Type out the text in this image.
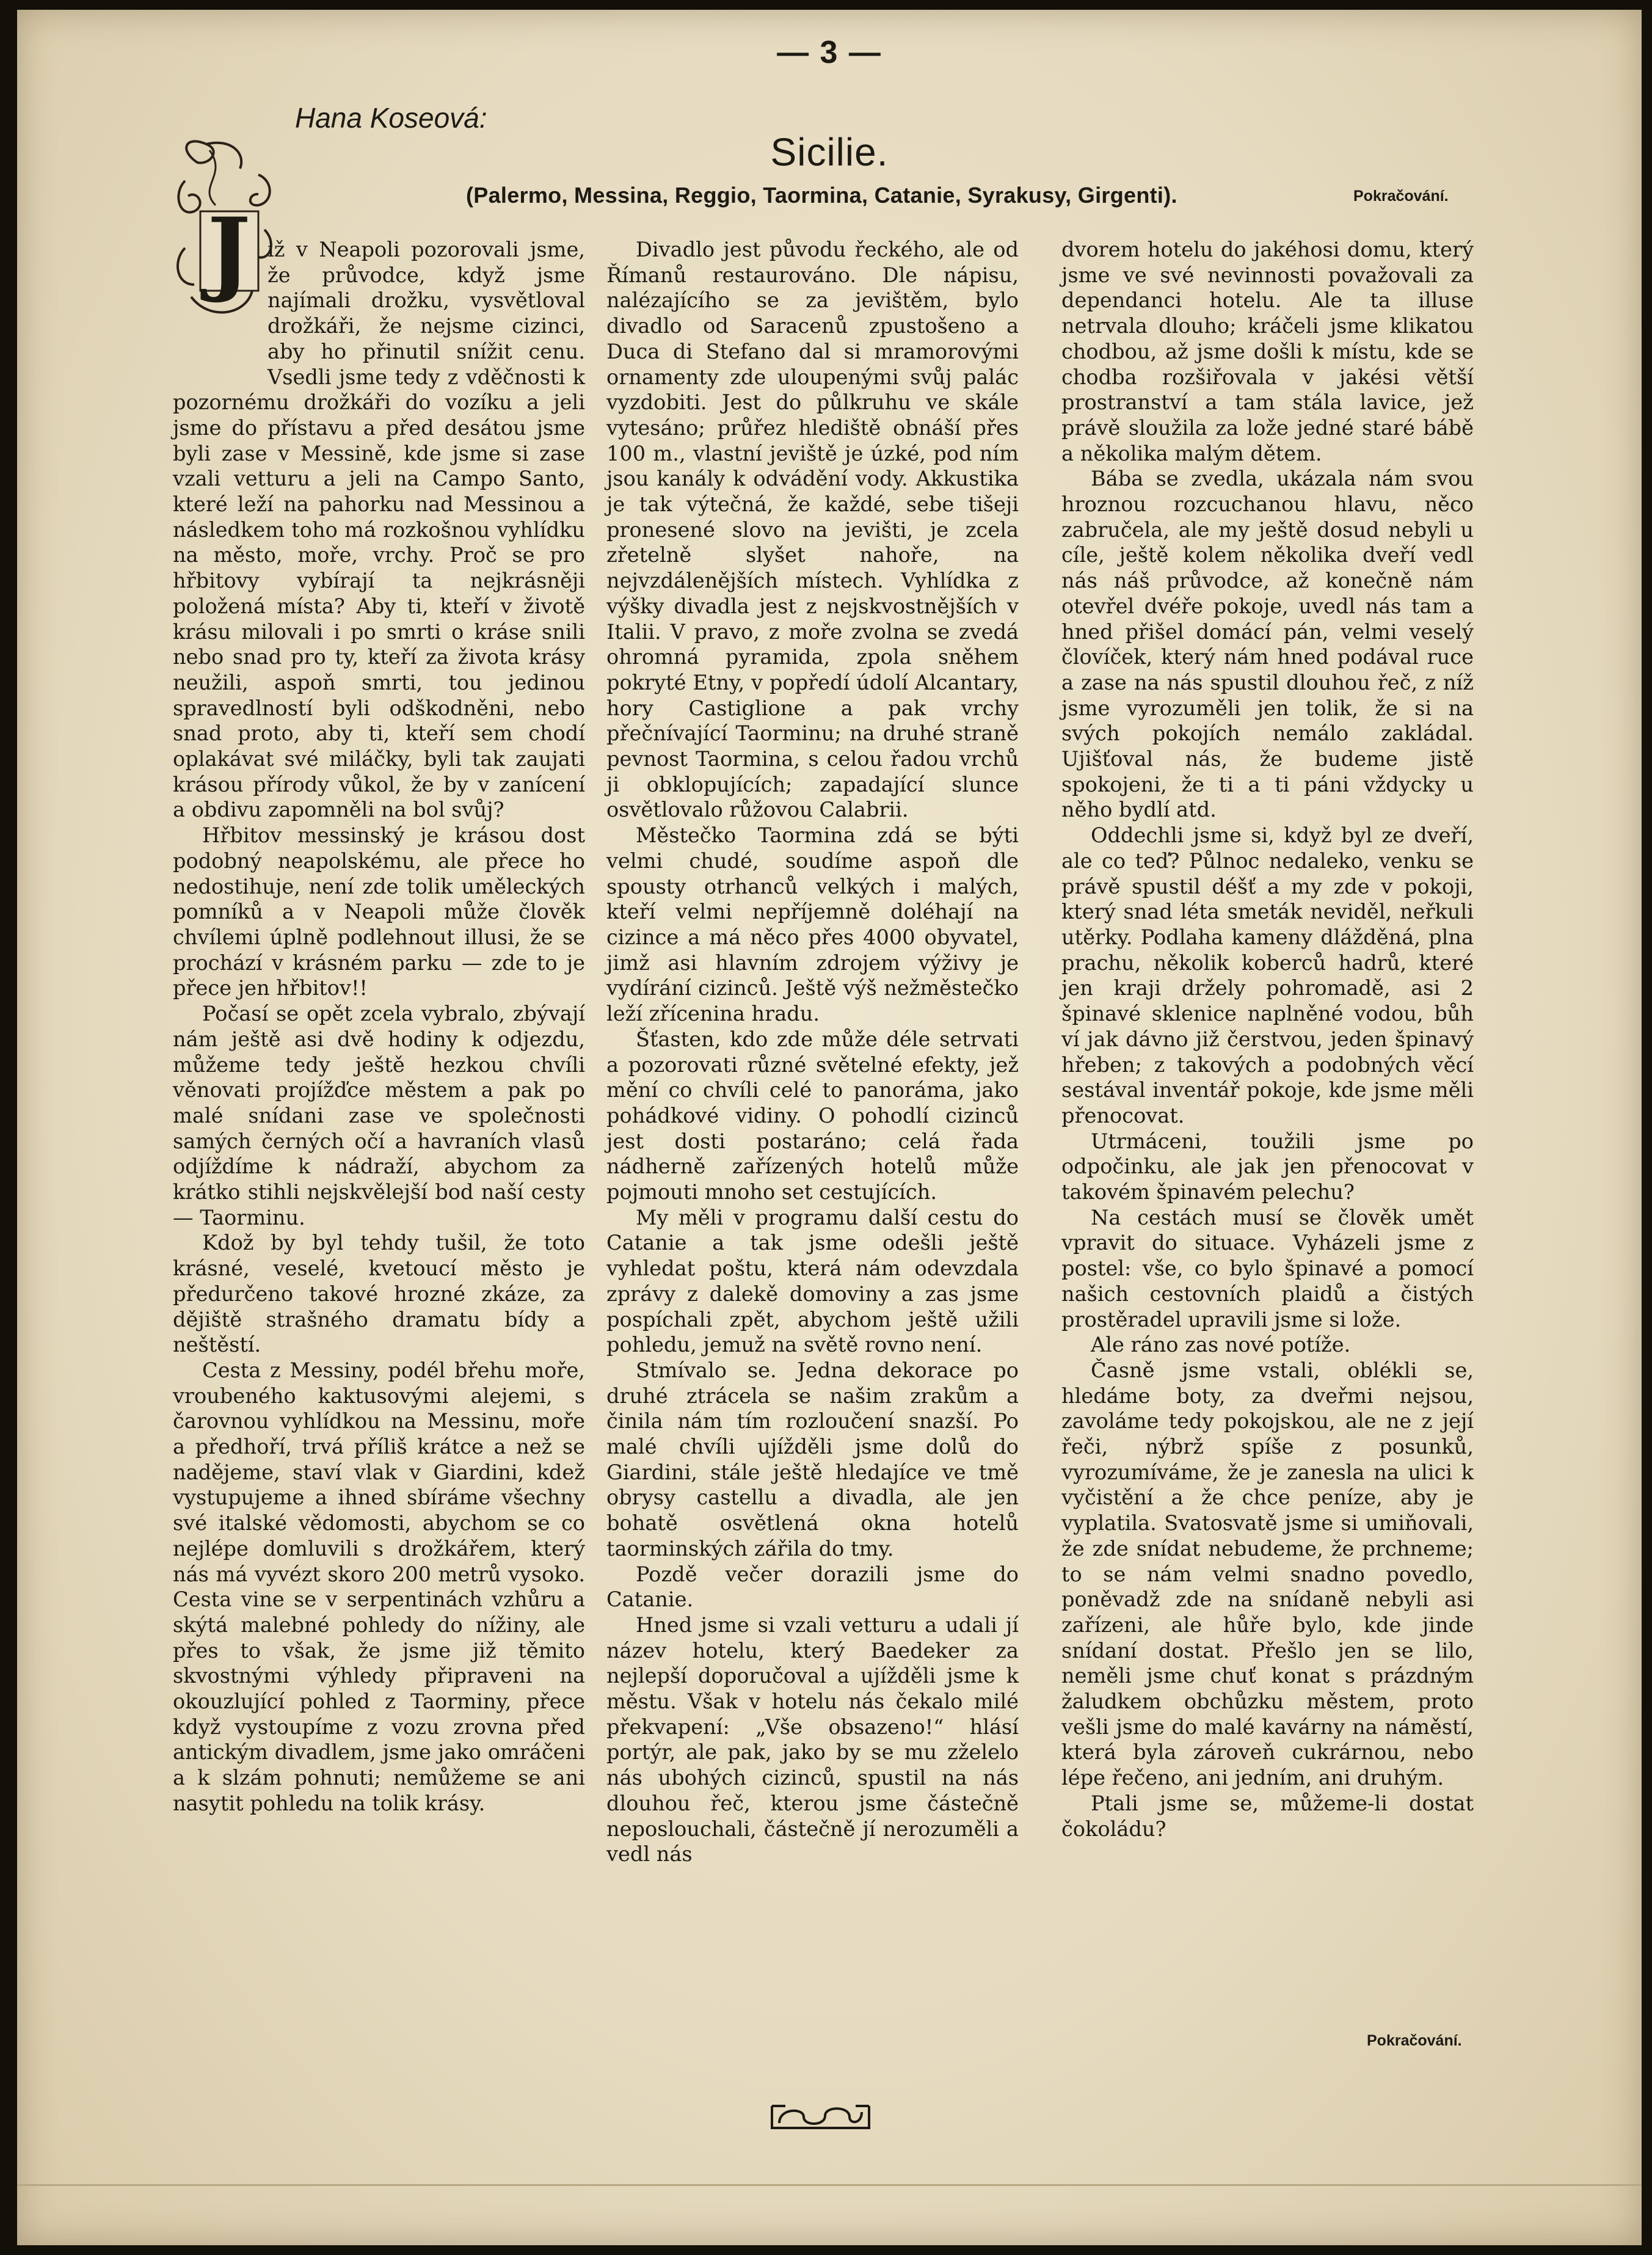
— 3 —
Hana Koseová:
Sicilie.
(Palermo, Messina, Reggio, Taormina, Catanie, Syrakusy, Girgenti).	Pokračování.
J iž v Neapoli pozorovali jsme, že průvodce, když jsme najímali drožku, vysvětloval drožkáři, že nejsme cizinci, aby ho přinutil snížit cenu. Vsedli jsme tedy z vděčnosti k pozornému drožkáři do vozíku a jeli jsme do přístavu a před desátou jsme byli zase v Messině, kde jsme si zase vzali vetturu a jeli na Campo Santo, které leží na pahorku nad Messinou a následkem toho má rozkošnou vyhlídku na město, moře, vrchy. Proč se pro hřbitovy vybírají ta nejkrásněji položená místa? Aby ti, kteří v životě krásu milovali i po smrti o kráse snili nebo snad pro ty, kteří za života krásy neužili, aspoň smrti, tou jedinou spravedlností byli odškodněni, nebo snad proto, aby ti, kteří sem chodí oplakávat své miláčky, byli tak zaujati krásou přírody vůkol, že by v zanícení a obdivu zapomněli na bol svůj?

Hřbitov messinský je krásou dost podobný neapolskému, ale přece ho nedostihuje, není zde tolik uměleckých pomníků a v Neapoli může člověk chvílemi úplně podlehnout illusi, že se prochází v krásném parku — zde to je přece jen hřbitov!!

Počasí se opět zcela vybralo, zbývají nám ještě asi dvě hodiny k odjezdu, můžeme tedy ještě hezkou chvíli věnovati projížďce městem a pak po malé snídani zase ve společnosti samých černých očí a havraních vlasů odjíždíme k nádraží, abychom za krátko stihli nejskvělejší bod naší cesty — Taorminu.

Kdož by byl tehdy tušil, že toto krásné, veselé, kvetoucí město je předurčeno takové hrozné zkáze, za dějiště strašného dramatu bídy a neštěstí.

Cesta z Messiny, podél břehu moře, vroubeného kaktusovými alejemi, s čarovnou vyhlídkou na Messinu, moře a předhoří, trvá příliš krátce a než se nadějeme, staví vlak v Giardini, kdež vystupujeme a ihned sbíráme všechny své italské vědomosti, abychom se co nejlépe domluvili s drožkářem, který nás má vyvézt skoro 200 metrů vysoko. Cesta vine se v serpentinách vzhůru a skýtá malebné pohledy do nížiny, ale přes to však, že jsme již těmito skvostnými výhledy připraveni na okouzlující pohled z Taorminy, přece když vystoupíme z vozu zrovna před antickým divadlem, jsme jako omráčeni a k slzám pohnuti; nemůžeme se ani nasytit pohledu na tolik krásy.

Divadlo jest původu řeckého, ale od Římanů restaurováno. Dle nápisu, nalézajícího se za jevištěm, bylo divadlo od Saracenů zpustošeno a Duca di Stefano dal si mramorovými ornamenty zde uloupenými svůj palác vyzdobiti. Jest do půlkruhu ve skále vytesáno; průřez hlediště obnáší přes 100 m., vlastní jeviště je úzké, pod ním jsou kanály k odvádění vody. Akkustika je tak výtečná, že každé, sebe tišeji pronesené slovo na jevišti, je zcela zřetelně slyšet nahoře, na nejvzdálenějších místech. Vyhlídka z výšky divadla jest z nejskvostnějších v Italii. V pravo, z moře zvolna se zvedá ohromná pyramida, zpola sněhem pokryté Etny, v popředí údolí Alcantary, hory Castiglione a pak vrchy přečnívající Taorminu; na druhé straně pevnost Taormina, s celou řadou vrchů ji obklopujících; zapadající slunce osvětlovalo růžovou Calabrii.

Městečko Taormina zdá se býti velmi chudé, soudíme aspoň dle spousty otrhanců velkých i malých, kteří velmi nepříjemně doléhají na cizince a má něco přes 4000 obyvatel, jimž asi hlavním zdrojem výživy je vydírání cizinců. Ještě výš nežměstečko leží zřícenina hradu.

Šťasten, kdo zde může déle setrvati a pozorovati různé světelné efekty, jež mění co chvíli celé to panoráma, jako pohádkové vidiny. O pohodlí cizinců jest dosti postaráno; celá řada nádherně zařízených hotelů může pojmouti mnoho set cestujících.

My měli v programu další cestu do Catanie a tak jsme odešli ještě vyhledat poštu, která nám odevzdala zprávy z dalekě domoviny a zas jsme pospíchali zpět, abychom ještě užili pohledu, jemuž na světě rovno není.

Stmívalo se. Jedna dekorace po druhé ztrácela se našim zrakům a činila nám tím rozloučení snazší. Po malé chvíli ujížděli jsme dolů do Giardini, stále ještě hledajíce ve tmě obrysy castellu a divadla, ale jen bohatě osvětlená okna hotelů taorminských zářila do tmy.

Pozdě večer dorazili jsme do Catanie.

Hned jsme si vzali vetturu a udali jí název hotelu, který Baedeker za nejlepší doporučoval a ujížděli jsme k městu. Však v hotelu nás čekalo milé překvapení: „Vše obsazeno!“ hlásí portýr, ale pak, jako by se mu zželelo nás ubohých cizinců, spustil na nás dlouhou řeč, kterou jsme částečně neposlouchali, částečně jí nerozuměli a vedl nás

dvorem hotelu do jakéhosi domu, který jsme ve své nevinnosti považovali za dependanci hotelu. Ale ta illuse netrvala dlouho; kráčeli jsme klikatou chodbou, až jsme došli k místu, kde se chodba rozšiřovala v jakési větší prostranství a tam stála lavice, jež právě sloužila za lože jedné staré bábě a několika malým dětem.

Bába se zvedla, ukázala nám svou hroznou rozcuchanou hlavu, něco zabručela, ale my ještě dosud nebyli u cíle, ještě kolem několika dveří vedl nás náš průvodce, až konečně nám otevřel dvéře pokoje, uvedl nás tam a hned přišel domácí pán, velmi veselý človíček, který nám hned podával ruce a zase na nás spustil dlouhou řeč, z níž jsme vyrozuměli jen tolik, že si na svých pokojích nemálo zakládal. Ujišťoval nás, že budeme jistě spokojeni, že ti a ti páni vždycky u něho bydlí atd.

Oddechli jsme si, když byl ze dveří, ale co teď? Půlnoc nedaleko, venku se právě spustil déšť a my zde v pokoji, který snad léta smeták neviděl, neřkuli utěrky. Podlaha kameny dlážděná, plna prachu, několik koberců hadrů, které jen kraji držely pohromadě, asi 2 špinavé sklenice naplněné vodou, bůh ví jak dávno již čerstvou, jeden špinavý hřeben; z takových a podobných věcí sestával inventář pokoje, kde jsme měli přenocovat.

Utrmáceni, toužili jsme po odpočinku, ale jak jen přenocovat v takovém špinavém pelechu?

Na cestách musí se člověk umět vpravit do situace. Vyházeli jsme z postel: vše, co bylo špinavé a pomocí našich cestovních plaidů a čistých prostěradel upravili jsme si lože.

Ale ráno zas nové potíže.

Časně jsme vstali, oblékli se, hledáme boty, za dveřmi nejsou, zavoláme tedy pokojskou, ale ne z její řeči, nýbrž spíše z posunků, vyrozumíváme, že je zanesla na ulici k vyčistění a že chce peníze, aby je vyplatila. Svatosvatě jsme si umiňovali, že zde snídat nebudeme, že prchneme; to se nám velmi snadno povedlo, poněvadž zde na snídaně nebyli asi zařízeni, ale hůře bylo, kde jinde snídaní dostat. Přešlo jen se lilo, neměli jsme chuť konat s prázdným žaludkem obchůzku městem, proto vešli jsme do malé kavárny na náměstí, která byla zároveň cukrárnou, nebo lépe řečeno, ani jedním, ani druhým.

Ptali jsme se, můžeme-li dostat čokoládu?

Pokračování.
